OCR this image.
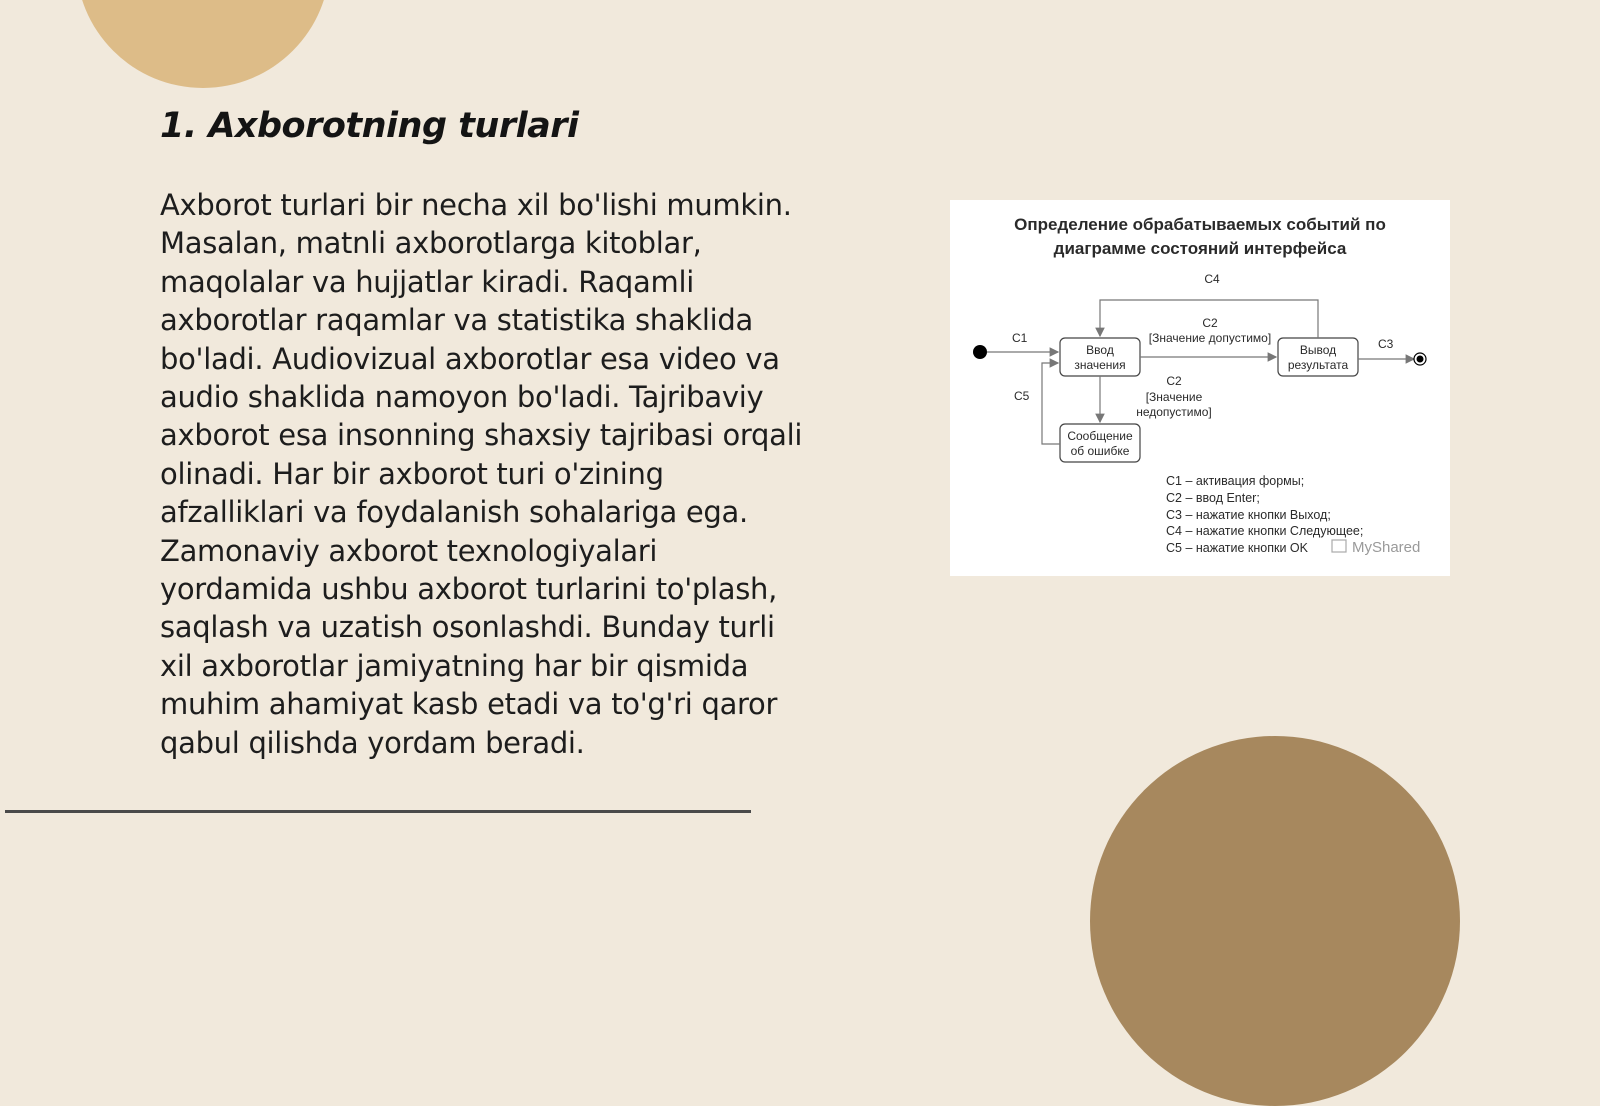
1. Axborotning turlari

Axborot turlari bir necha xil bo'lishi mumkin.
Masalan, matnli axborotlarga kitoblar,
maqolalar va hujjatlar kiradi. Raqamli
axborotlar raqamlar va statistika shaklida
bo'ladi. Audiovizual axborotlar esa video va
audio shaklida namoyon bo'ladi. Tajribaviy
axborot esa insonning shaxsiy tajribasi orqali
olinadi. Har bir axborot turi o'zining
afzalliklari va foydalanish sohalariga ega.
Zamonaviy axborot texnologiyalari
yordamida ushbu axborot turlarini to'plash,
saqlash va uzatish osonlashdi. Bunday turli
xil axborotlar jamiyatning har bir qismida
muhim ahamiyat kasb etadi va to'g'ri qaror
qabul qilishda yordam beradi.

Определение обрабатываемых событий по
диаграмме состояний интерфейса
C1
Ввод
значения
Вывод
результата
Сообщение
об ошибке
C2
[Значение допустимо]
C4
C3
C2
[Значение
недопустимо]
C5
C1 – активация формы;
C2 – ввод Enter;
C3 – нажатие кнопки Выход;
C4 – нажатие кнопки Следующее;
C5 – нажатие кнопки OK	MyShared
